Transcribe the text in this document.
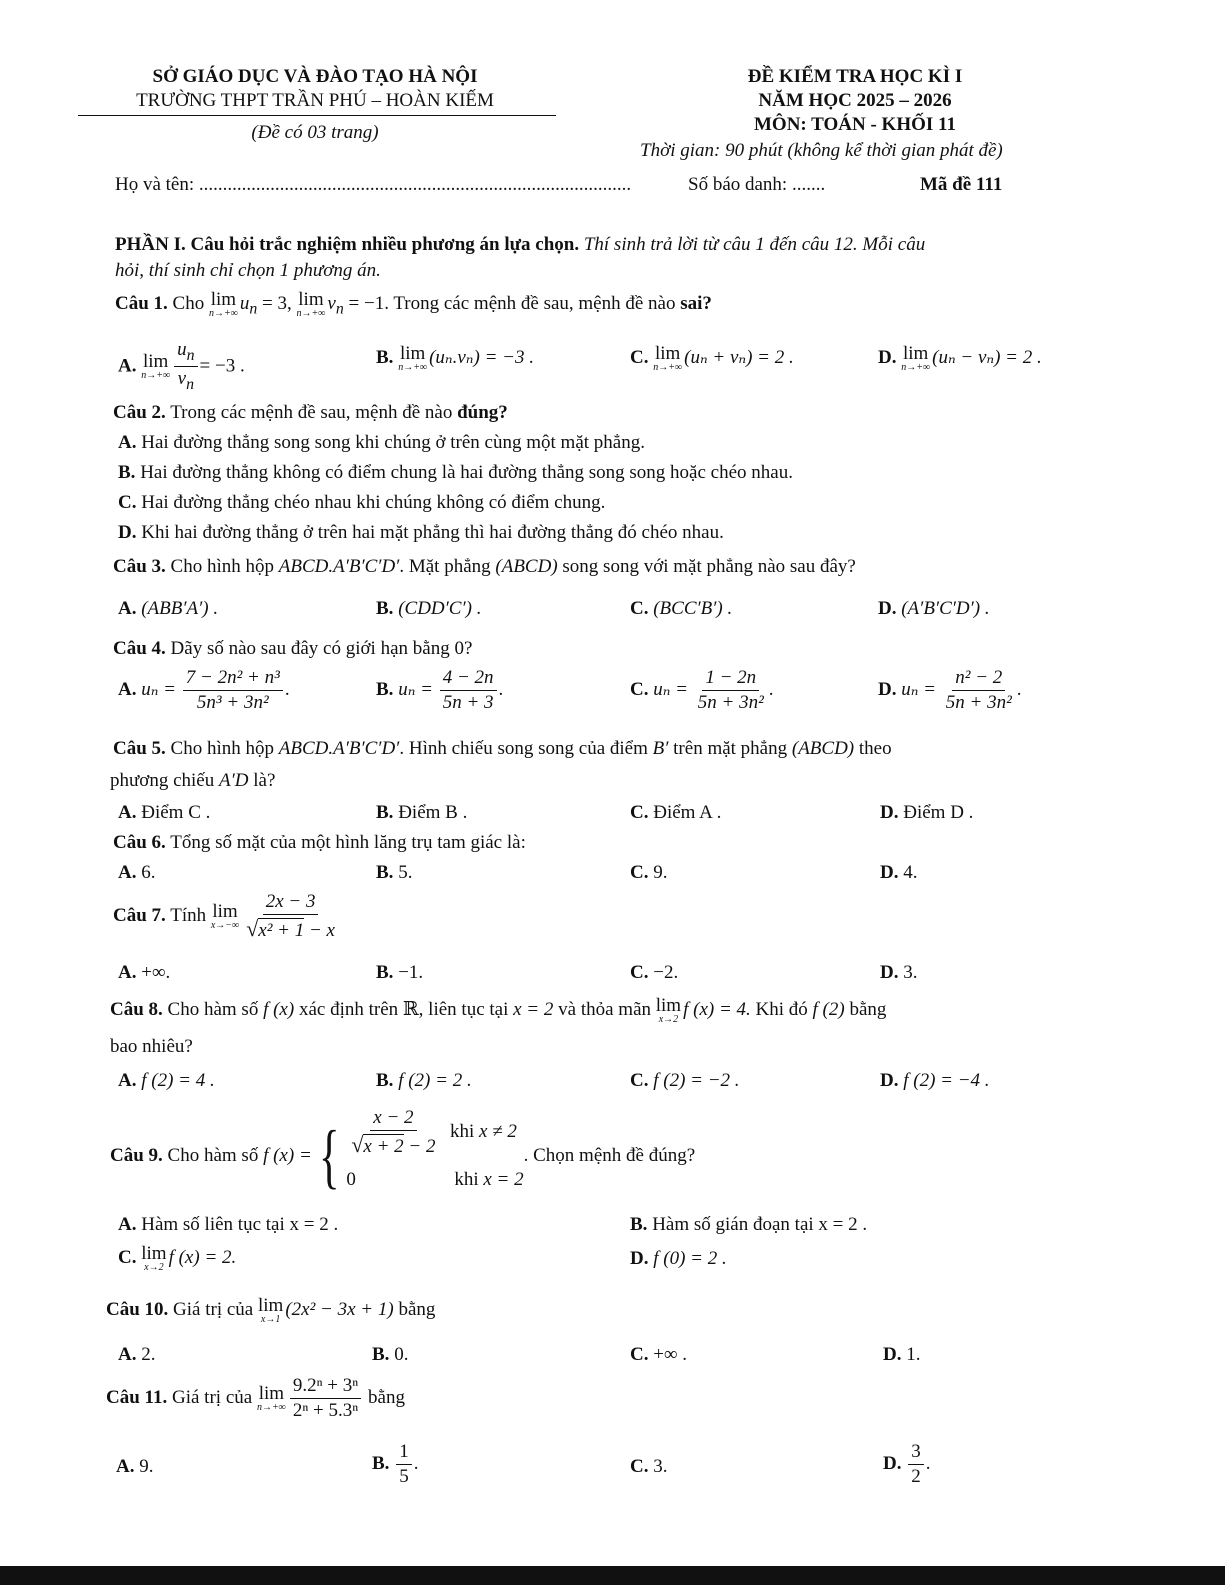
SỞ GIÁO DỤC VÀ ĐÀO TẠO HÀ NỘI
TRƯỜNG THPT TRẦN PHÚ – HOÀN KIẾM
(Đề có 03 trang)
ĐỀ KIỂM TRA HỌC KÌ I
NĂM HỌC 2025 – 2026
MÔN: TOÁN - KHỐI 11
Thời gian: 90 phút (không kể thời gian phát đề)
Họ và tên: ...........................................................................................	Số báo danh: .......	Mã đề 111
PHẦN I. Câu hỏi trắc nghiệm nhiều phương án lựa chọn. Thí sinh trả lời từ câu 1 đến câu 12. Mỗi câu
hỏi, thí sinh chỉ chọn 1 phương án.
Câu 1. Cho lim
n→+∞ $u_n = 3$, lim
n→+∞ $v_n = -1$. Trong các mệnh đề sau, mệnh đề nào sai?
A. lim
$n\to+\infty \frac{u_n}{v_n} = -3$ .	B. lim
n→+∞ (uₙ.vₙ) = −3 .	C. lim
n→+∞ (uₙ + vₙ) = 2 .	D. lim
n→+∞ (uₙ − vₙ) = 2 .
Câu 2. Trong các mệnh đề sau, mệnh đề nào đúng?
A. Hai đường thẳng song song khi chúng ở trên cùng một mặt phẳng.
B. Hai đường thẳng không có điểm chung là hai đường thẳng song song hoặc chéo nhau.
C. Hai đường thẳng chéo nhau khi chúng không có điểm chung.
D. Khi hai đường thẳng ở trên hai mặt phẳng thì hai đường thẳng đó chéo nhau.
Câu 3. Cho hình hộp ABCD.A′B′C′D′. Mặt phẳng (ABCD) song song với mặt phẳng nào sau đây?
A. (ABB′A′) .	B. (CDD′C′) .	C. (BCC′B′) .	D. (A′B′C′D′) .
Câu 4. Dãy số nào sau đây có giới hạn bằng 0?
A. $u_n = \frac{\text{7 − 2n² + n³}}{\text{5n³ + 3n²}}$ .	B. $u_n = \frac{4 - 2n}{5n + 3}$ .	C. $u_n = \frac{1 - 2n}{\text{5n + 3n²}}$ .	D. $u_n = \frac{\text{n² − 2}}{\text{5n + 3n²}}$ .
Câu 5. Cho hình hộp ABCD.A′B′C′D′. Hình chiếu song song của điểm B′ trên mặt phẳng (ABCD) theo
phương chiếu A′D là?
A. Điểm C .	B. Điểm B .	C. Điểm A .	D. Điểm D .
Câu 6. Tổng số mặt của một hình lăng trụ tam giác là:
A. 6.	B. 5.	C. 9.	D. 4.
Câu 7. Tính lim
$x\to-\infty \frac{2x - 3}{\text{√x² + 1 − x}}$
A. +∞.	B. −1.	C. −2.	D. 3.
Câu 8. Cho hàm số f (x) xác định trên ℝ, liên tục tại x = 2 và thỏa mãn lim
x→2 f (x) = 4. Khi đó f (2) bằng
bao nhiêu?
A. f (2) = 4 .	B. f (2) = 2 .	C. f (2) = −2 .	D. f (2) = −4 .
Câu 9.
Cho hàm số
f (x) = { $\frac{x - 2}{√x + 2 - 2}$
khi
x ≠ 2
0	khi
x = 2
. Chọn mệnh đề đúng?
A. Hàm số liên tục tại x = 2 .	B. Hàm số gián đoạn tại x = 2 .
C. lim
x→2 f (x) = 2.	D. f (0) = 2 .
Câu 10. Giá trị của lim
x→1 (2x² − 3x + 1) bằng
A. 2.	B. 0.	C. +∞ .	D. 1.
Câu 11. Giá trị của lim
$n\to+\infty \frac{\text{9.2ⁿ + 3ⁿ}}{\text{2ⁿ + 5.3ⁿ}}$ bằng
A. 9.	B. $\frac{1}{5}$ .	C. 3.	D. $\frac{3}{2}$ .
